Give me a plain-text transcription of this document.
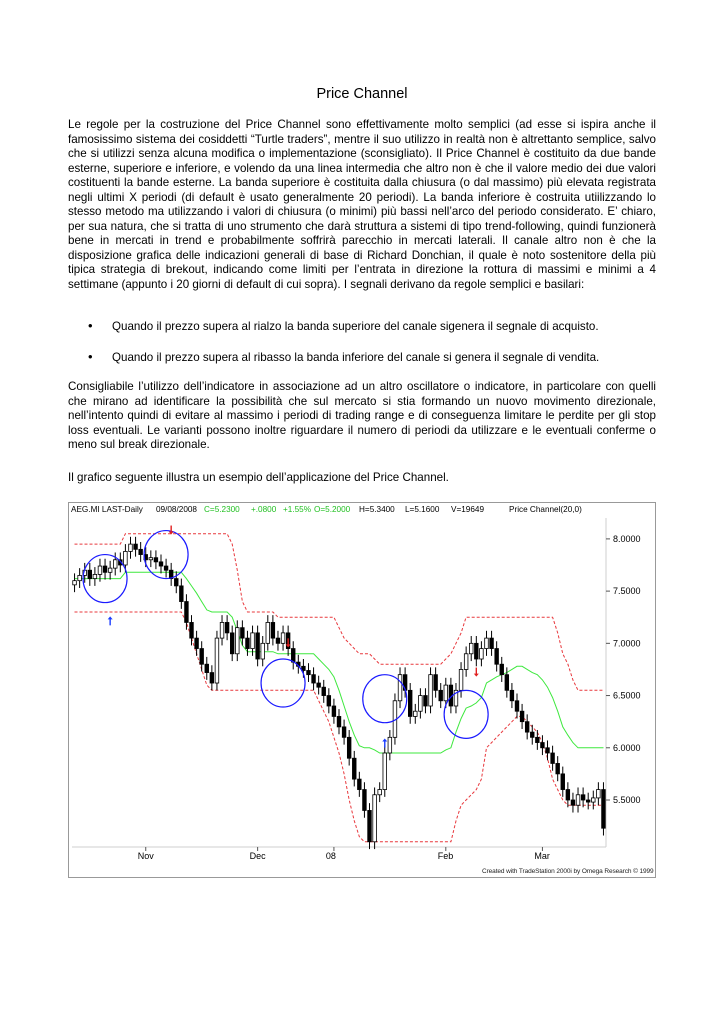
Price Channel

Le regole per la costruzione del Price Channel sono effettivamente molto semplici (ad esse si ispira anche il famosissimo sistema dei cosiddetti “Turtle traders”, mentre il suo utilizzo in realtà non è altrettanto semplice, salvo che si utilizzi senza alcuna modifica o implementazione (sconsigliato). Il Price Channel è costituito da due bande esterne, superiore e inferiore, e volendo da una linea intermedia che altro non è che il valore medio dei due valori costituenti la bande esterne. La banda superiore è costituita dalla chiusura (o dal massimo) più elevata registrata negli ultimi X periodi (di default è usato generalmente 20 periodi). La banda inferiore è costruita utiilizzando lo stesso metodo ma utilizzando i valori di chiusura (o minimi) più bassi nell’arco del periodo considerato. E’ chiaro, per sua natura, che si tratta di uno strumento che darà struttura a sistemi di tipo trend-following, quindi funzionerà bene in mercati in trend e probabilmente soffrirà parecchio in mercati laterali. Il canale altro non è che la disposizione grafica delle indicazioni generali di base di Richard Donchian, il quale è noto sostenitore della più tipica strategia di brekout, indicando come limiti per l’entrata in direzione la rottura di massimi e minimi a 4 settimane (appunto i 20 giorni di default di cui sopra). I segnali derivano da regole semplici e basilari:

• Quando il prezzo supera al rialzo la banda superiore del canale sigenera il segnale di acquisto.
• Quando il prezzo supera al ribasso la banda inferiore del canale si genera il segnale di vendita.

Consigliabile l’utilizzo dell’indicatore in associazione ad un altro oscillatore o indicatore, in particolare con quelli che mirano ad identificare la possibilità che sul mercato si stia formando un nuovo movimento direzionale, nell’intento quindi di evitare al massimo i periodi di trading range e di conseguenza limitare le perdite per gli stop loss eventuali. Le varianti possono inoltre riguardare il numero di periodi da utilizzare e le eventuali conferme o meno sul break direzionale.

Il grafico seguente illustra un esempio dell’applicazione del Price Channel.

AEG.MI LAST-Daily 09/08/2008 C=5.2300 +.0800 +1.55% O=5.2000 H=5.3400 L=5.1600 V=19649	Price Channel(20,0)
5.5000
6.0000
6.5000
7.0000
7.5000
8.0000
Nov	Dec	08	Feb	Mar
Created with TradeStation 2000i by Omega Research © 1999
